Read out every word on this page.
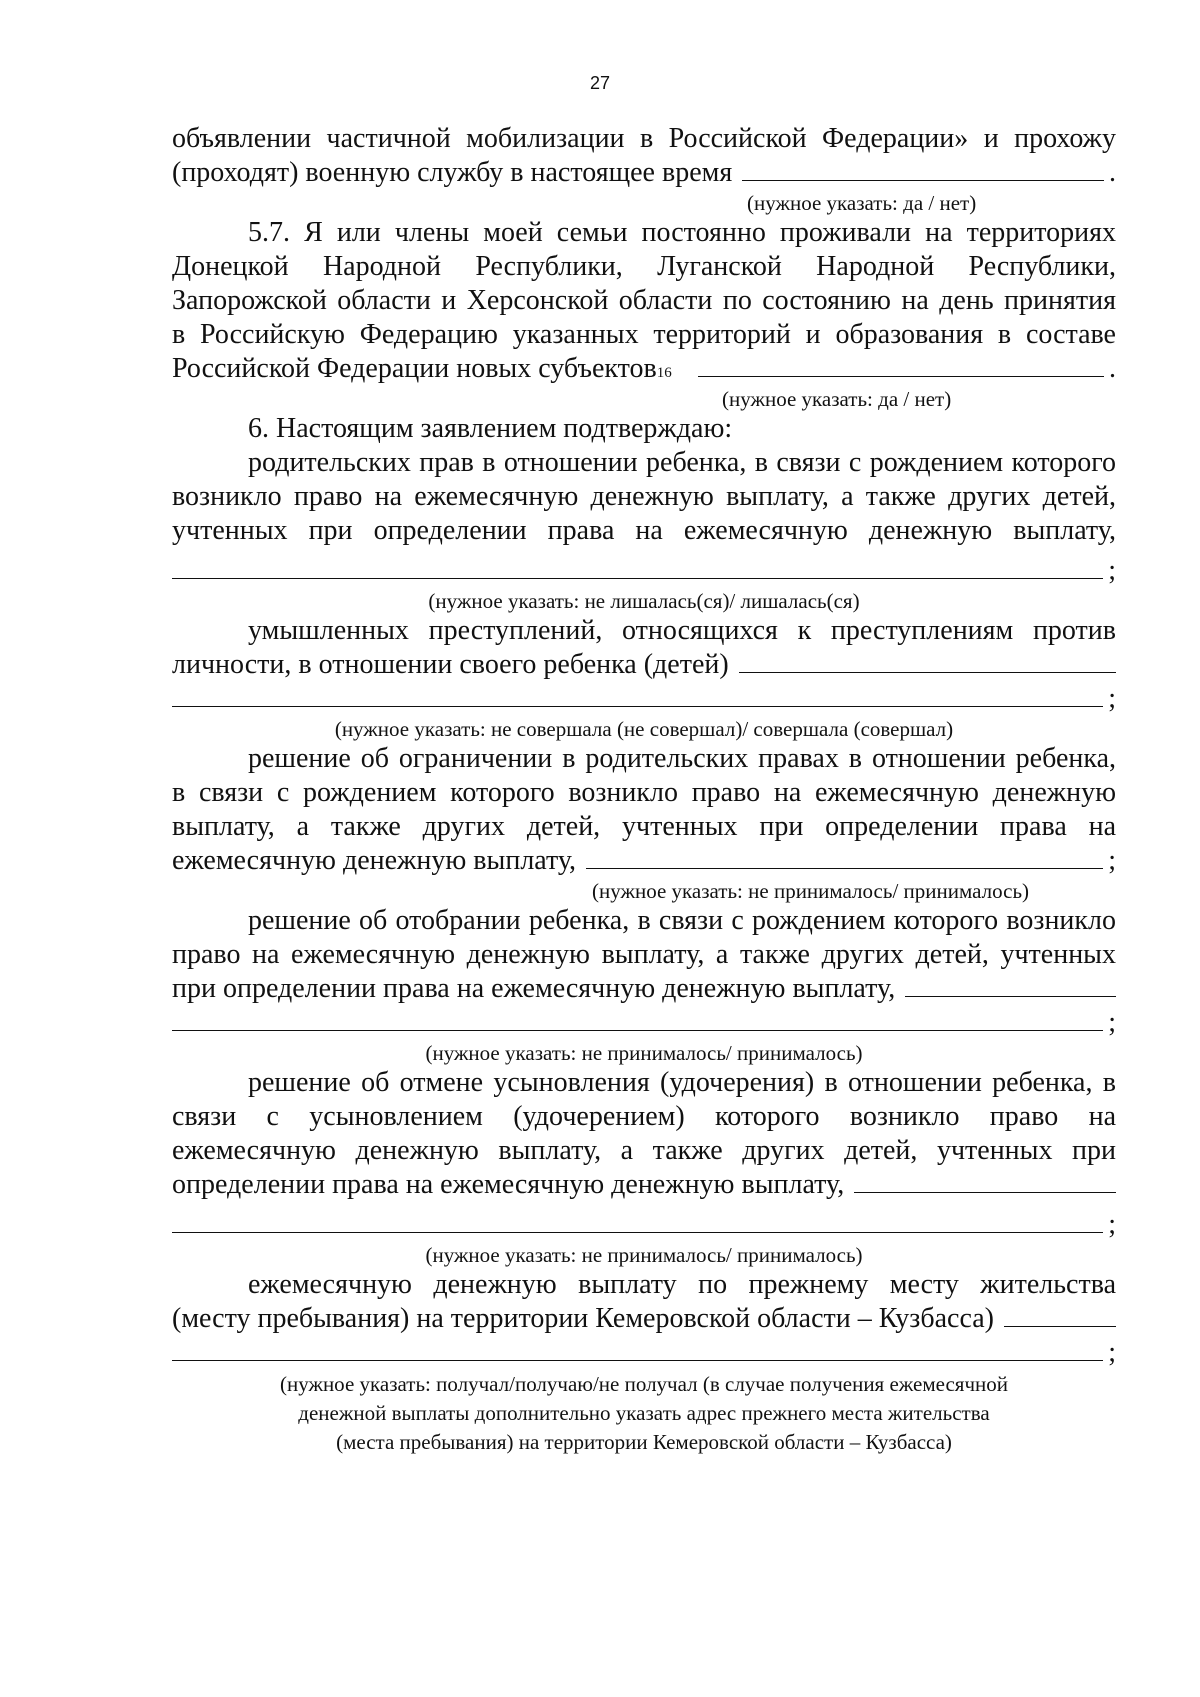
27
объявлении частичной мобилизации в Российской Федерации» и прохожу
(проходят) военную службу в настоящее время	.
(нужное указать: да / нет)
5.7. Я или члены моей семьи постоянно проживали на территориях
Донецкой Народной Республики, Луганской Народной Республики,
Запорожской области и Херсонской области по состоянию на день принятия
в Российскую Федерацию указанных территорий и образования в составе
Российской Федерации новых субъектов 16	.
(нужное указать: да / нет)
6. Настоящим заявлением подтверждаю:
родительских прав в отношении ребенка, в связи с рождением которого
возникло право на ежемесячную денежную выплату, а также других детей,
учтенных при определении права на ежемесячную денежную выплату,
;
(нужное указать: не лишалась(ся)/ лишалась(ся)
умышленных преступлений, относящихся к преступлениям против
личности, в отношении своего ребенка (детей)
;
(нужное указать: не совершала (не совершал)/ совершала (совершал)
решение об ограничении в родительских правах в отношении ребенка,
в связи с рождением которого возникло право на ежемесячную денежную
выплату, а также других детей, учтенных при определении права на
ежемесячную денежную выплату,	;
(нужное указать: не принималось/ принималось)
решение об отобрании ребенка, в связи с рождением которого возникло
право на ежемесячную денежную выплату, а также других детей, учтенных
при определении права на ежемесячную денежную выплату,
;
(нужное указать: не принималось/ принималось)
решение об отмене усыновления (удочерения) в отношении ребенка, в
связи с усыновлением (удочерением) которого возникло право на
ежемесячную денежную выплату, а также других детей, учтенных при
определении права на ежемесячную денежную выплату,
;
(нужное указать: не принималось/ принималось)
ежемесячную денежную выплату по прежнему месту жительства
(месту пребывания) на территории Кемеровской области – Кузбасса)
;
(нужное указать: получал/получаю/не получал (в случае получения ежемесячной
денежной выплаты дополнительно указать адрес прежнего места жительства
(места пребывания) на территории Кемеровской области – Кузбасса)
